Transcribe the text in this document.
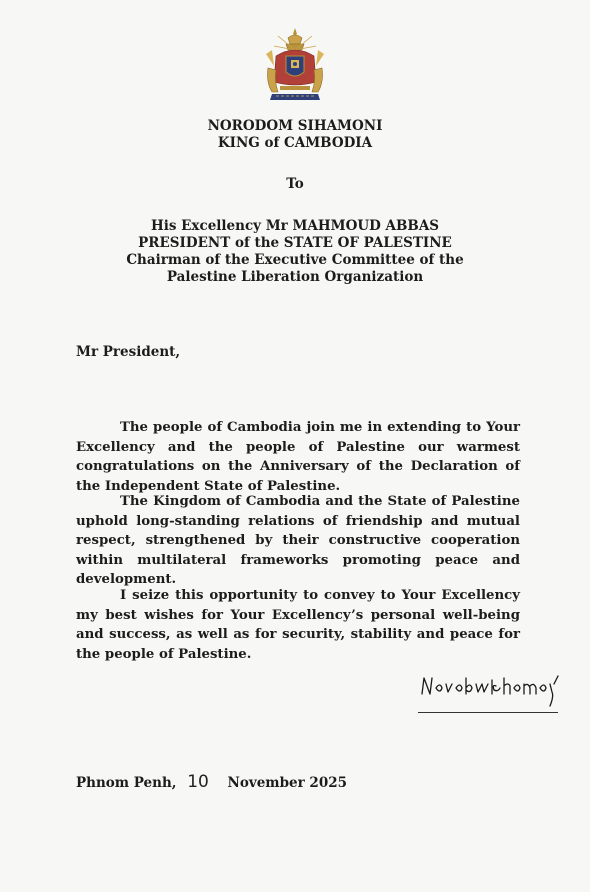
NORODOM SIHAMONI
KING of CAMBODIA
To
His Excellency Mr MAHMOUD ABBAS
PRESIDENT of the STATE OF PALESTINE
Chairman of the Executive Committee of the
Palestine Liberation Organization
Mr President,

The people of Cambodia join me in extending to Your Excellency and the people of Palestine our warmest congratulations on the Anniversary of the Declaration of the Independent State of Palestine.

The Kingdom of Cambodia and the State of Palestine uphold long-standing relations of friendship and mutual respect, strengthened by their constructive cooperation within multilateral frameworks promoting peace and development.

I seize this opportunity to convey to Your Excellency my best wishes for Your Excellency’s personal well-being and success, as well as for security, stability and peace for the people of Palestine.

Phnom Penh, 10 November 2025
